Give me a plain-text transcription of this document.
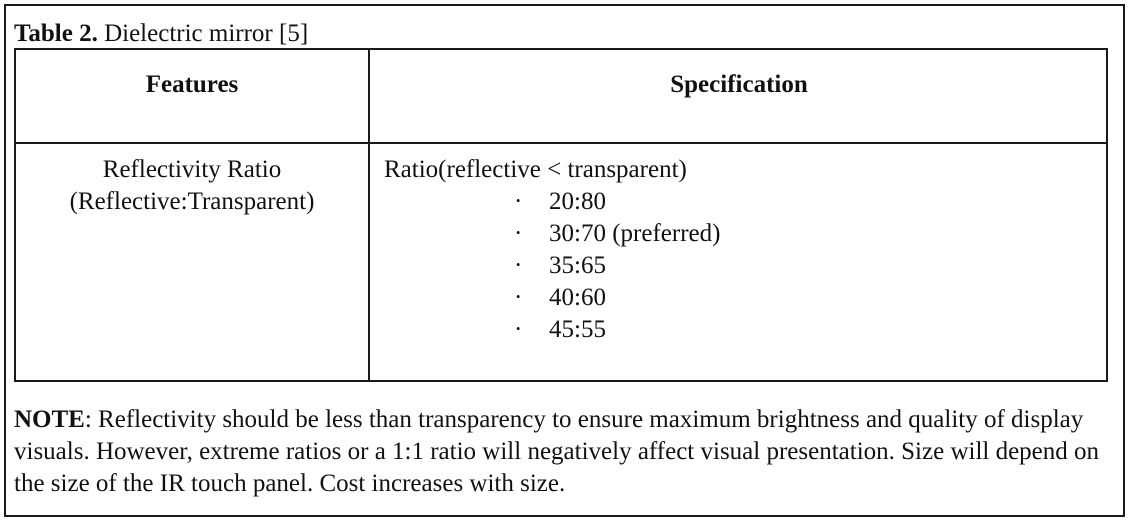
Table 2. Dielectric mirror [5]
Features	Specification
Reflectivity Ratio
(Reflective:Transparent)
Ratio(reflective < transparent)
· 20:80
· 30:70 (preferred)
· 35:65
· 40:60
· 45:55
NOTE: Reflectivity should be less than transparency to ensure maximum brightness and quality of display visuals. However, extreme ratios or a 1:1 ratio will negatively affect visual presentation. Size will depend on the size of the IR touch panel. Cost increases with size.
